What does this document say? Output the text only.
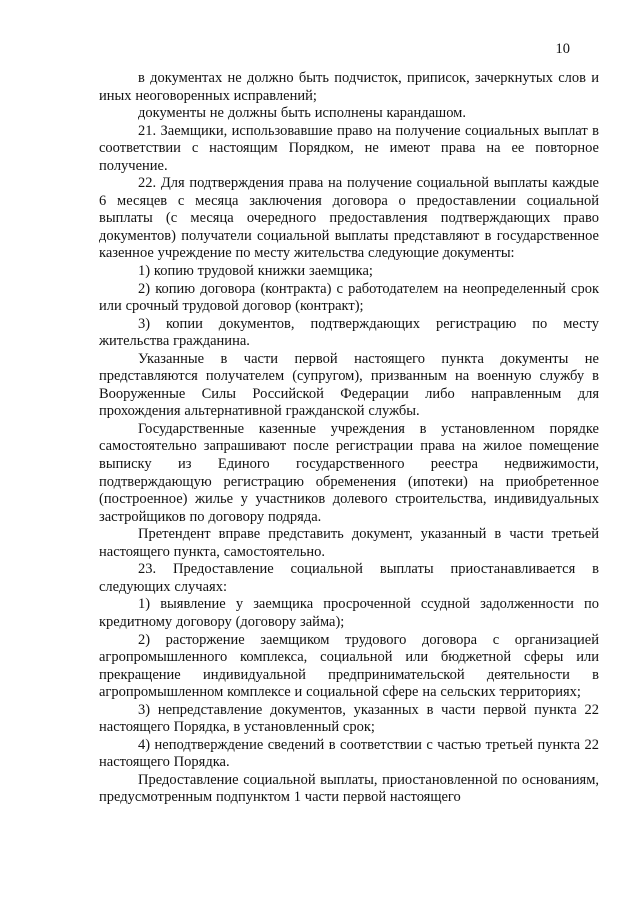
10

в документах не должно быть подчисток, приписок, зачеркнутых слов и иных неоговоренных исправлений;

документы не должны быть исполнены карандашом.

21. Заемщики, использовавшие право на получение социальных выплат в соответствии с настоящим Порядком, не имеют права на ее повторное получение.

22. Для подтверждения права на получение социальной выплаты каждые 6 месяцев с месяца заключения договора о предоставлении социальной выплаты (с месяца очередного предоставления подтверждающих право документов) получатели социальной выплаты представляют в государственное казенное учреждение по месту жительства следующие документы:

1) копию трудовой книжки заемщика;

2) копию договора (контракта) с работодателем на неопределенный срок или срочный трудовой договор (контракт);

3) копии документов, подтверждающих регистрацию по месту жительства гражданина.

Указанные в части первой настоящего пункта документы не представляются получателем (супругом), призванным на военную службу в Вооруженные Силы Российской Федерации либо направленным для прохождения альтернативной гражданской службы.

Государственные казенные учреждения в установленном порядке самостоятельно запрашивают после регистрации права на жилое помещение выписку из Единого государственного реестра недвижимости, подтверждающую регистрацию обременения (ипотеки) на приобретенное (построенное) жилье у участников долевого строительства, индивидуальных застройщиков по договору подряда.

Претендент вправе представить документ, указанный в части третьей настоящего пункта, самостоятельно.

23. Предоставление социальной выплаты приостанавливается в следующих случаях:

1) выявление у заемщика просроченной ссудной задолженности по кредитному договору (договору займа);

2) расторжение заемщиком трудового договора с организацией агропромышленного комплекса, социальной или бюджетной сферы или прекращение индивидуальной предпринимательской деятельности в агропромышленном комплексе и социальной сфере на сельских территориях;

3) непредставление документов, указанных в части первой пункта 22 настоящего Порядка, в установленный срок;

4) неподтверждение сведений в соответствии с частью третьей пункта 22 настоящего Порядка.

Предоставление социальной выплаты, приостановленной по основаниям, предусмотренным подпунктом 1 части первой настоящего
